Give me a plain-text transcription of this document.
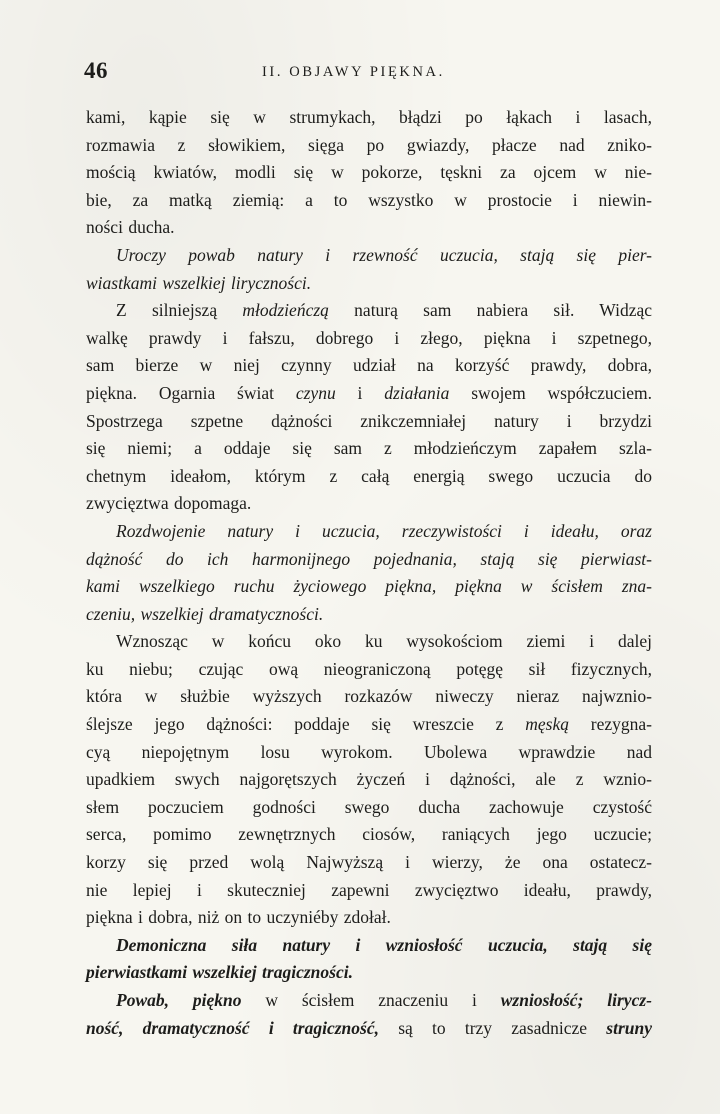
46	II. OBJAWY PIĘKNA.
kami, kąpie się w strumykach, błądzi po łąkach i lasach,
rozmawia z słowikiem, sięga po gwiazdy, płacze nad zniko-
mością kwiatów, modli się w pokorze, tęskni za ojcem w nie-
bie, za matką ziemią: a to wszystko w prostocie i niewin-
ności ducha.
Uroczy powab natury i rzewność uczucia, stają się pier-
wiastkami wszelkiej liryczności.
Z silniejszą młodzieńczą naturą sam nabiera sił. Widząc
walkę prawdy i fałszu, dobrego i złego, piękna i szpetnego,
sam bierze w niej czynny udział na korzyść prawdy, dobra,
piękna. Ogarnia świat czynu i działania swojem współczuciem.
Spostrzega szpetne dążności znikczemniałej natury i brzydzi
się niemi; a oddaje się sam z młodzieńczym zapałem szla-
chetnym ideałom, którym z całą energią swego uczucia do
zwycięztwa dopomaga.
Rozdwojenie natury i uczucia, rzeczywistości i ideału, oraz
dążność do ich harmonijnego pojednania, stają się pierwiast-
kami wszelkiego ruchu życiowego piękna, piękna w ścisłem zna-
czeniu, wszelkiej dramatyczności.
Wznosząc w końcu oko ku wysokościom ziemi i dalej
ku niebu; czując ową nieograniczoną potęgę sił fizycznych,
która w służbie wyższych rozkazów niweczy nieraz najwznio-
ślejsze jego dążności: poddaje się wreszcie z męską rezygna-
cyą niepojętnym losu wyrokom. Ubolewa wprawdzie nad
upadkiem swych najgorętszych życzeń i dążności, ale z wznio-
słem poczuciem godności swego ducha zachowuje czystość
serca, pomimo zewnętrznych ciosów, raniących jego uczucie;
korzy się przed wolą Najwyższą i wierzy, że ona ostatecz-
nie lepiej i skuteczniej zapewni zwycięztwo ideału, prawdy,
piękna i dobra, niż on to uczyniéby zdołał.
Demoniczna siła natury i wzniosłość uczucia, stają się
pierwiastkami wszelkiej tragiczności.
Powab, piękno w ścisłem znaczeniu i wzniosłość; lirycz-
ność, dramatyczność i tragiczność, są to trzy zasadnicze struny
